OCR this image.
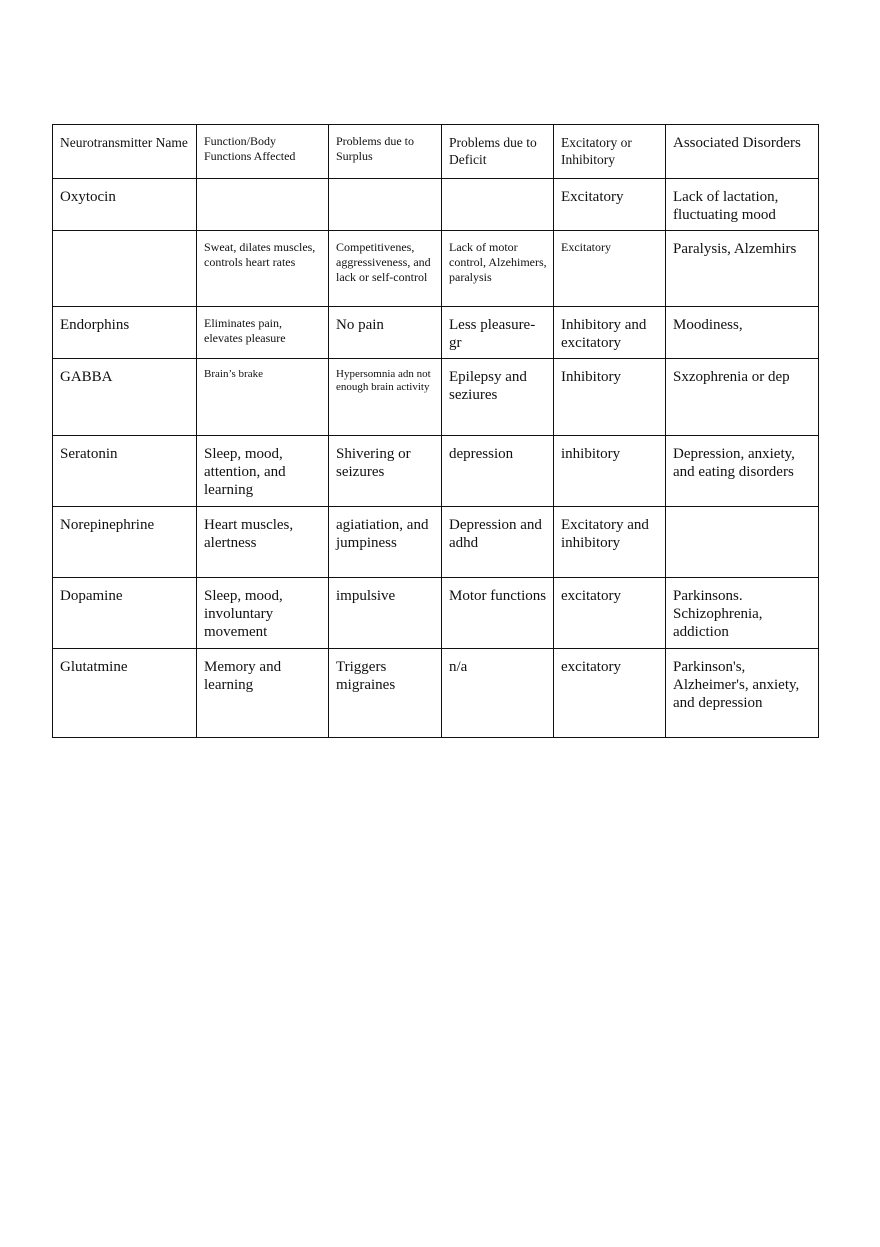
Neurotransmitter Name	Function/Body Functions Affected	Problems due to Surplus	Problems due to Deficit	Excitatory or Inhibitory	Associated Disorders
Oxytocin				Excitatory	Lack of lactation, fluctuating mood
	Sweat, dilates muscles, controls heart rates	Competitivenes, aggressiveness, and lack or self-control	Lack of motor control, Alzehimers, paralysis	Excitatory	Paralysis, Alzemhirs
Endorphins	Eliminates pain, elevates pleasure	No pain	Less pleasure-gr	Inhibitory and excitatory	Moodiness,
GABBA	Brain’s brake	Hypersomnia adn not enough brain activity	Epilepsy and seziures	Inhibitory	Sxzophrenia or dep
Seratonin	Sleep, mood, attention, and learning	Shivering or seizures	depression	inhibitory	Depression, anxiety, and eating disorders
Norepinephrine	Heart muscles, alertness	agiatiation, and jumpiness	Depression and adhd	Excitatory and inhibitory	
Dopamine	Sleep, mood, involuntary movement	impulsive	Motor functions	excitatory	Parkinsons. Schizophrenia, addiction
Glutatmine	Memory and learning	Triggers migraines	n/a	excitatory	Parkinson's, Alzheimer's, anxiety, and depression
